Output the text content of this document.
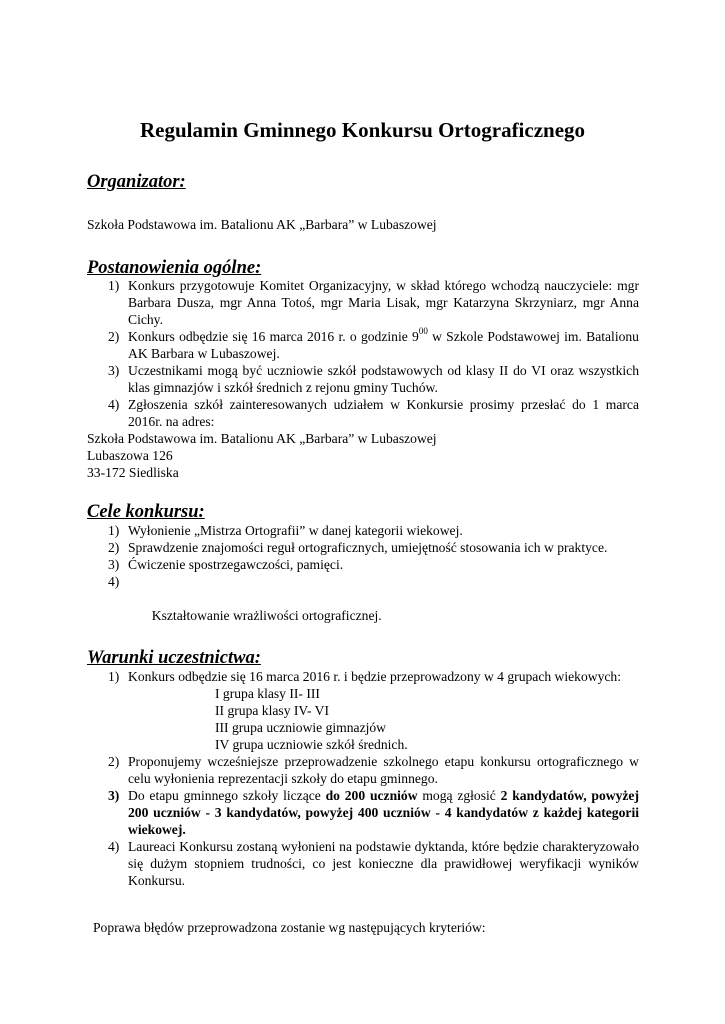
Regulamin Gminnego Konkursu Ortograficznego
Organizator:
Szkoła Podstawowa im. Batalionu AK „Barbara” w Lubaszowej
Postanowienia ogólne:
1) Konkurs przygotowuje Komitet Organizacyjny, w skład którego wchodzą nauczyciele: mgr Barbara Dusza, mgr Anna Totoś, mgr Maria Lisak, mgr Katarzyna Skrzyniarz, mgr Anna Cichy.
2) Konkurs odbędzie się 16 marca 2016 r. o godzinie $9^{00}$ w Szkole Podstawowej im. Batalionu AK Barbara w Lubaszowej.
3) Uczestnikami mogą być uczniowie szkół podstawowych od klasy II do VI oraz wszystkich klas gimnazjów i szkół średnich z rejonu gminy Tuchów.
4) Zgłoszenia szkół zainteresowanych udziałem w Konkursie prosimy przesłać do 1 marca 2016r. na adres:
Szkoła Podstawowa im. Batalionu AK „Barbara” w Lubaszowej
Lubaszowa 126
33-172 Siedliska
Cele konkursu:
1) Wyłonienie „Mistrza Ortografii” w danej kategorii wiekowej.
2) Sprawdzenie znajomości reguł ortograficznych, umiejętność stosowania ich w praktyce.
3) Ćwiczenie spostrzegawczości, pamięci.

4)

Kształtowanie wrażliwości ortograficznej.

Warunki uczestnictwa:
1) Konkurs odbędzie się 16 marca 2016 r. i będzie przeprowadzony w 4 grupach wiekowych:
I grupa klasy II- III
II grupa klasy IV- VI
III grupa uczniowie gimnazjów
IV grupa uczniowie szkół średnich.
2) Proponujemy wcześniejsze przeprowadzenie szkolnego etapu konkursu ortograficznego w celu wyłonienia reprezentacji szkoły do etapu gminnego.
3) Do etapu gminnego szkoły liczące do 200 uczniów mogą zgłosić 2 kandydatów, powyżej 200 uczniów - 3 kandydatów, powyżej 400 uczniów - 4 kandydatów z każdej kategorii wiekowej.
4) Laureaci Konkursu zostaną wyłonieni na podstawie dyktanda, które będzie charakteryzowało się dużym stopniem trudności, co jest konieczne dla prawidłowej weryfikacji wyników Konkursu.
Poprawa błędów przeprowadzona zostanie wg następujących kryteriów:
